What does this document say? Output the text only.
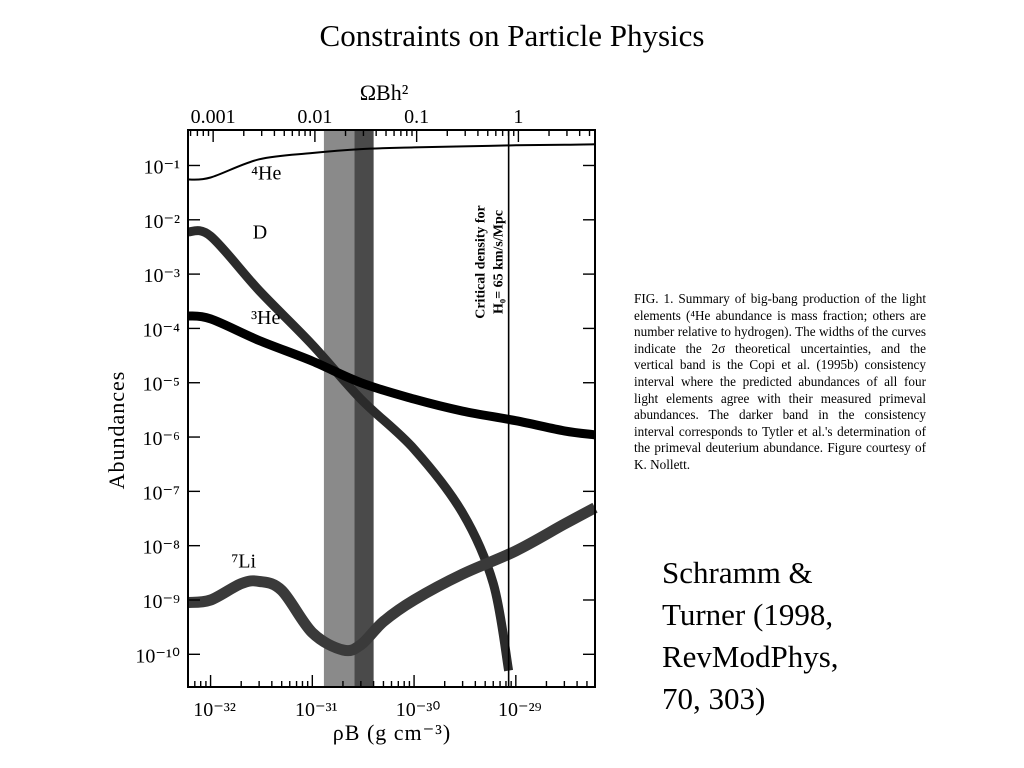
Constraints on Particle Physics
Critical density for H₀= 65 km/s/Mpc
10⁻³²	10⁻³¹	10⁻³⁰	10⁻²⁹
0.001	0.01	0.1	1
10⁻¹⁰
10⁻⁹
10⁻⁸
10⁻⁷
10⁻⁶
10⁻⁵
10⁻⁴
10⁻³
10⁻²
10⁻¹
ρB (g cm⁻³)
ΩBh²
Abundances
⁴He
D
³He
⁷Li
FIG. 1. Summary of big-bang production of the light elements (⁴He abundance is mass fraction; others are number relative to hydrogen). The widths of the curves indicate the 2σ theoretical uncertainties, and the vertical band is the Copi et al. (1995b) consistency interval where the predicted abundances of all four light elements agree with their measured primeval abundances. The darker band in the consistency interval corresponds to Tytler et al.'s determination of the primeval deuterium abundance. Figure courtesy of K. Nollett.
Schramm &
Turner (1998,
RevModPhys,
70, 303)
